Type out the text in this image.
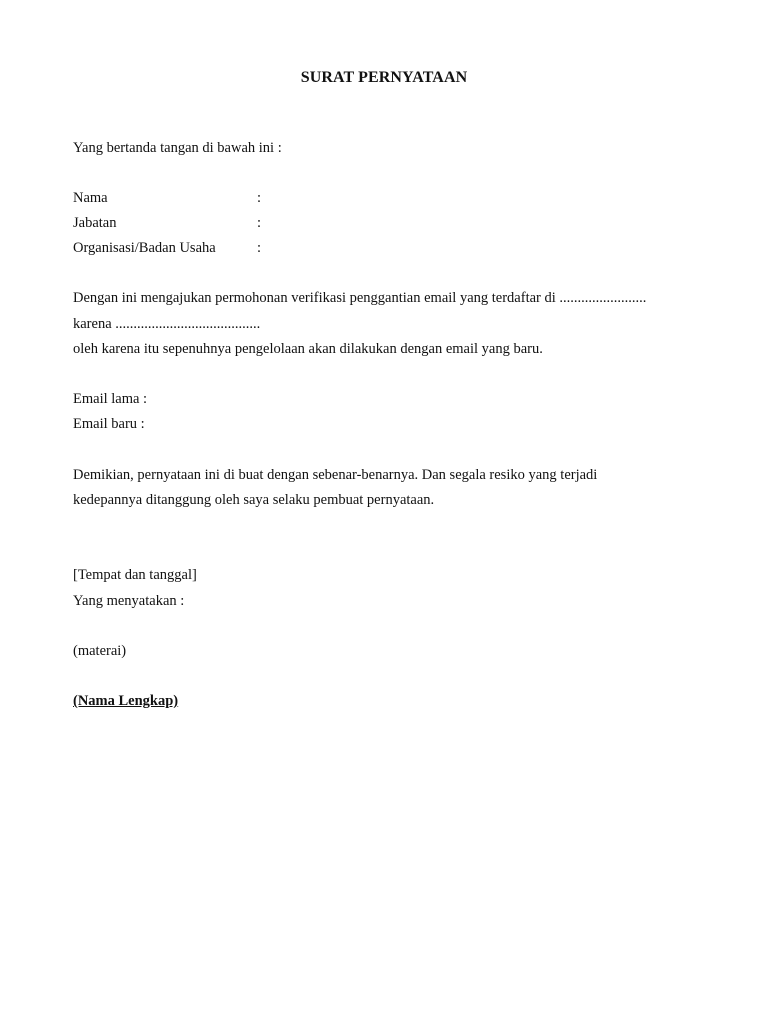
SURAT PERNYATAAN
Yang bertanda tangan di bawah ini :
Nama	:
Jabatan	:
Organisasi/Badan Usaha	:
Dengan ini mengajukan permohonan verifikasi penggantian email yang terdaftar di ........................
karena ........................................
oleh karena itu sepenuhnya pengelolaan akan dilakukan dengan email yang baru.
Email lama :
Email baru :
Demikian, pernyataan ini di buat dengan sebenar-benarnya. Dan segala resiko yang terjadi
kedepannya ditanggung oleh saya selaku pembuat pernyataan.
[Tempat dan tanggal]
Yang menyatakan :
(materai)
(Nama Lengkap)
